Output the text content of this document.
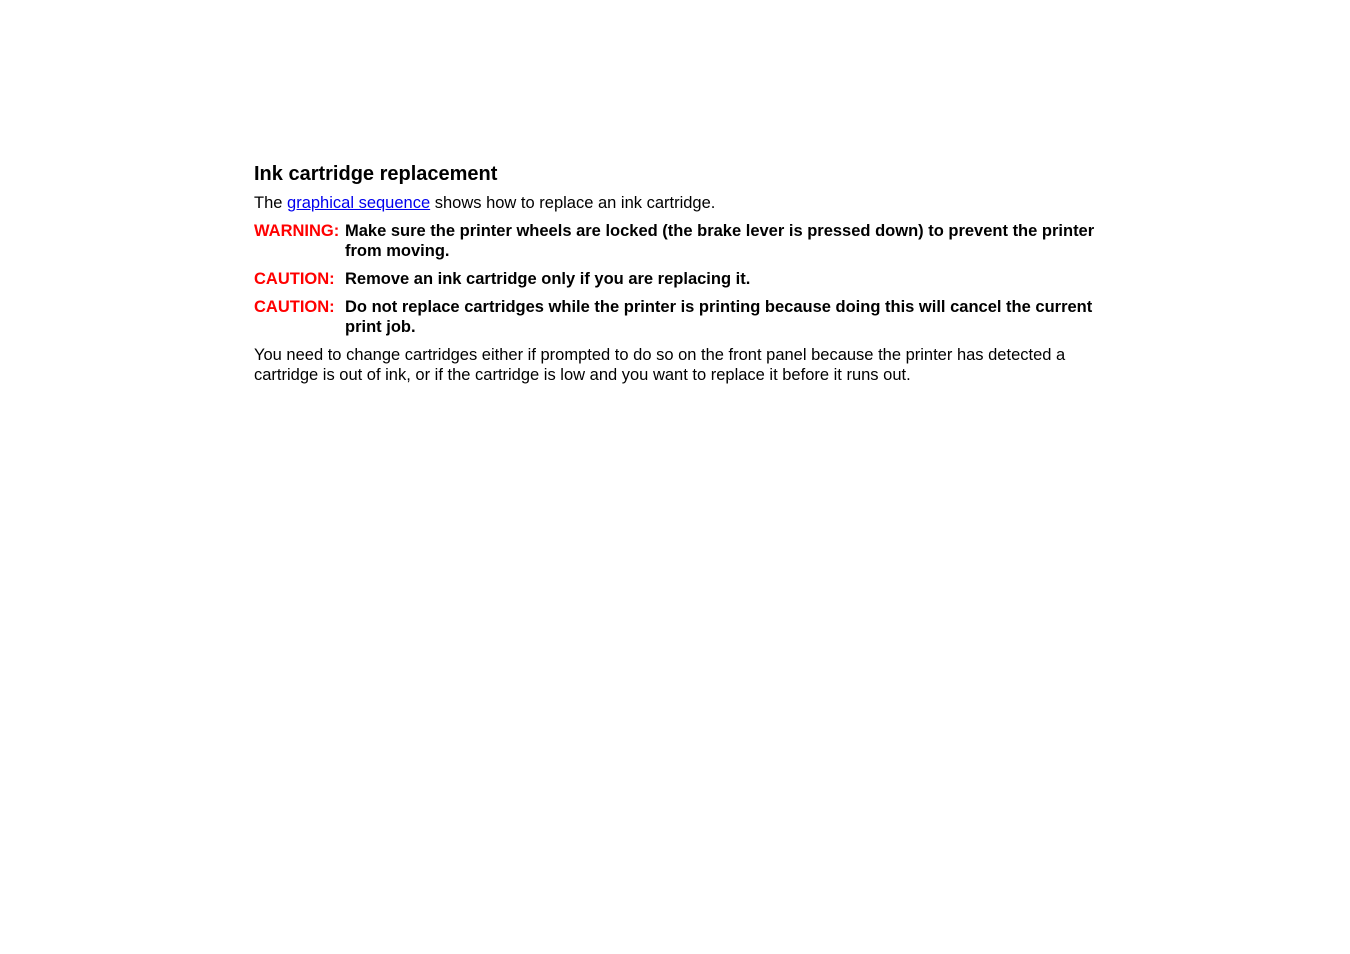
Ink cartridge replacement
The graphical sequence shows how to replace an ink cartridge.
WARNING: Make sure the printer wheels are locked (the brake lever is pressed down) to prevent the printer from moving.
CAUTION: Remove an ink cartridge only if you are replacing it.
CAUTION: Do not replace cartridges while the printer is printing because doing this will cancel the current print job.
You need to change cartridges either if prompted to do so on the front panel because the printer has detected a cartridge is out of ink, or if the cartridge is low and you want to replace it before it runs out.
